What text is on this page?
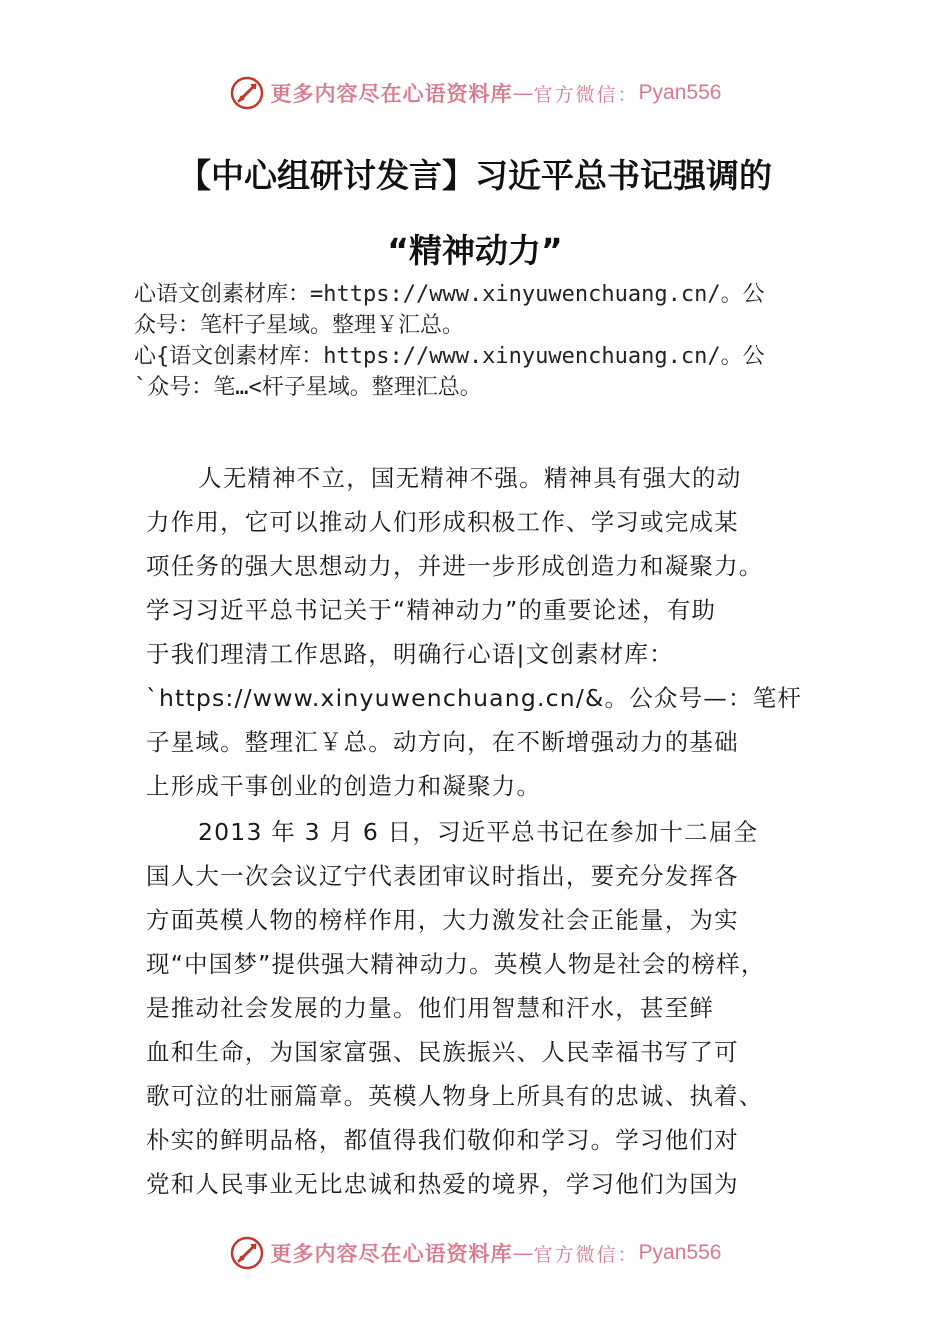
更多内容尽在心语资料库 — 官方微信： Pyan556
【中心组研讨发言】习近平总书记强调的
“精神动力”

心语文创素材库：=https://www.xinyuwenchuang.cn/。公

众号：笔杆子星域。整理￥汇总。

心{语文创素材库：https://www.xinyuwenchuang.cn/。公

`众号：笔…<杆子星域。整理汇总。

人无精神不立，国无精神不强。精神具有强大的动

力作用，它可以推动人们形成积极工作、学习或完成某

项任务的强大思想动力，并进一步形成创造力和凝聚力。

学习习近平总书记关于“精神动力”的重要论述，有助

于我们理清工作思路，明确行心语|文创素材库：

`https://www.xinyuwenchuang.cn/&。公众号—：笔杆

子星域。整理汇￥总。动方向，在不断增强动力的基础

上形成干事创业的创造力和凝聚力。

2013 年 3 月 6 日，习近平总书记在参加十二届全

国人大一次会议辽宁代表团审议时指出，要充分发挥各

方面英模人物的榜样作用，大力激发社会正能量，为实

现“中国梦”提供强大精神动力。英模人物是社会的榜样，

是推动社会发展的力量。他们用智慧和汗水，甚至鲜

血和生命，为国家富强、民族振兴、人民幸福书写了可

歌可泣的壮丽篇章。英模人物身上所具有的忠诚、执着、

朴实的鲜明品格，都值得我们敬仰和学习。学习他们对

党和人民事业无比忠诚和热爱的境界，学习他们为国为

更多内容尽在心语资料库 — 官方微信： Pyan556
